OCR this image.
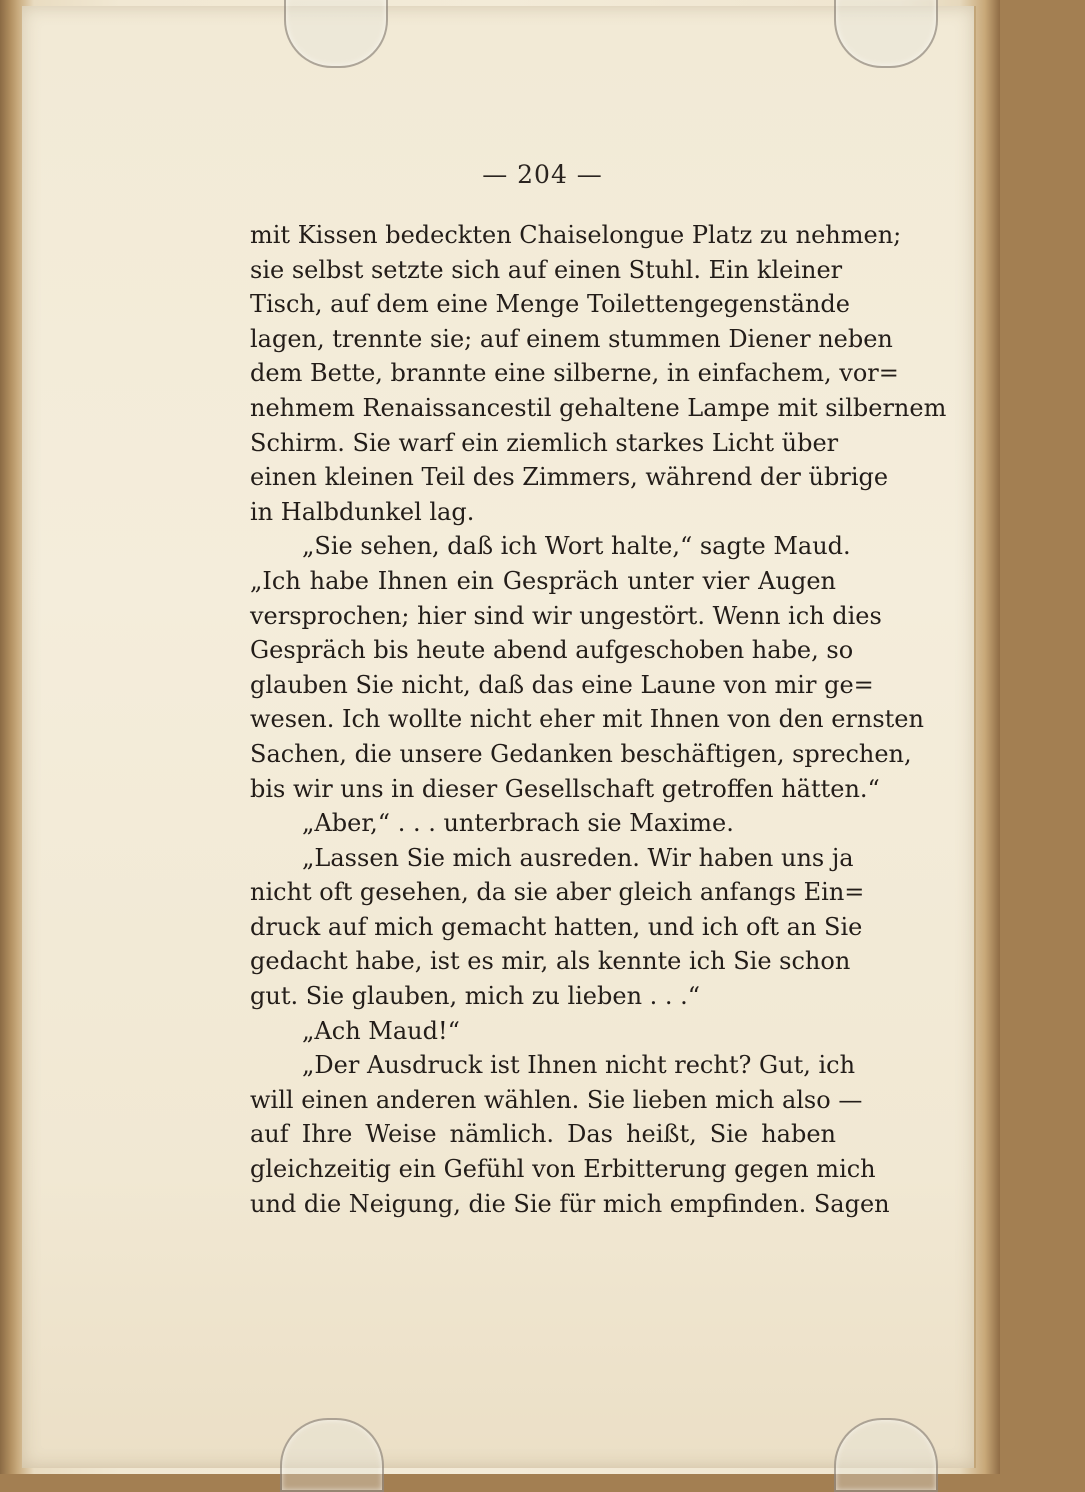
— 204 —
mit Kissen bedeckten Chaiselongue Platz zu nehmen;
sie selbst setzte sich auf einen Stuhl. Ein kleiner
Tisch, auf dem eine Menge Toilettengegenstände
lagen, trennte sie; auf einem stummen Diener neben
dem Bette, brannte eine silberne, in einfachem, vor=
nehmem Renaissancestil gehaltene Lampe mit silbernem
Schirm. Sie warf ein ziemlich starkes Licht über
einen kleinen Teil des Zimmers, während der übrige
in Halbdunkel lag.
„Sie sehen, daß ich Wort halte,“ sagte Maud.
„Ich habe Ihnen ein Gespräch unter vier Augen
versprochen; hier sind wir ungestört. Wenn ich dies
Gespräch bis heute abend aufgeschoben habe, so
glauben Sie nicht, daß das eine Laune von mir ge=
wesen. Ich wollte nicht eher mit Ihnen von den ernsten
Sachen, die unsere Gedanken beschäftigen, sprechen,
bis wir uns in dieser Gesellschaft getroffen hätten.“
„Aber,“ . . . unterbrach sie Maxime.
„Lassen Sie mich ausreden. Wir haben uns ja
nicht oft gesehen, da sie aber gleich anfangs Ein=
druck auf mich gemacht hatten, und ich oft an Sie
gedacht habe, ist es mir, als kennte ich Sie schon
gut. Sie glauben, mich zu lieben . . .“
„Ach Maud!“
„Der Ausdruck ist Ihnen nicht recht? Gut, ich
will einen anderen wählen. Sie lieben mich also —
auf Ihre Weise nämlich. Das heißt, Sie haben
gleichzeitig ein Gefühl von Erbitterung gegen mich
und die Neigung, die Sie für mich empfinden. Sagen
